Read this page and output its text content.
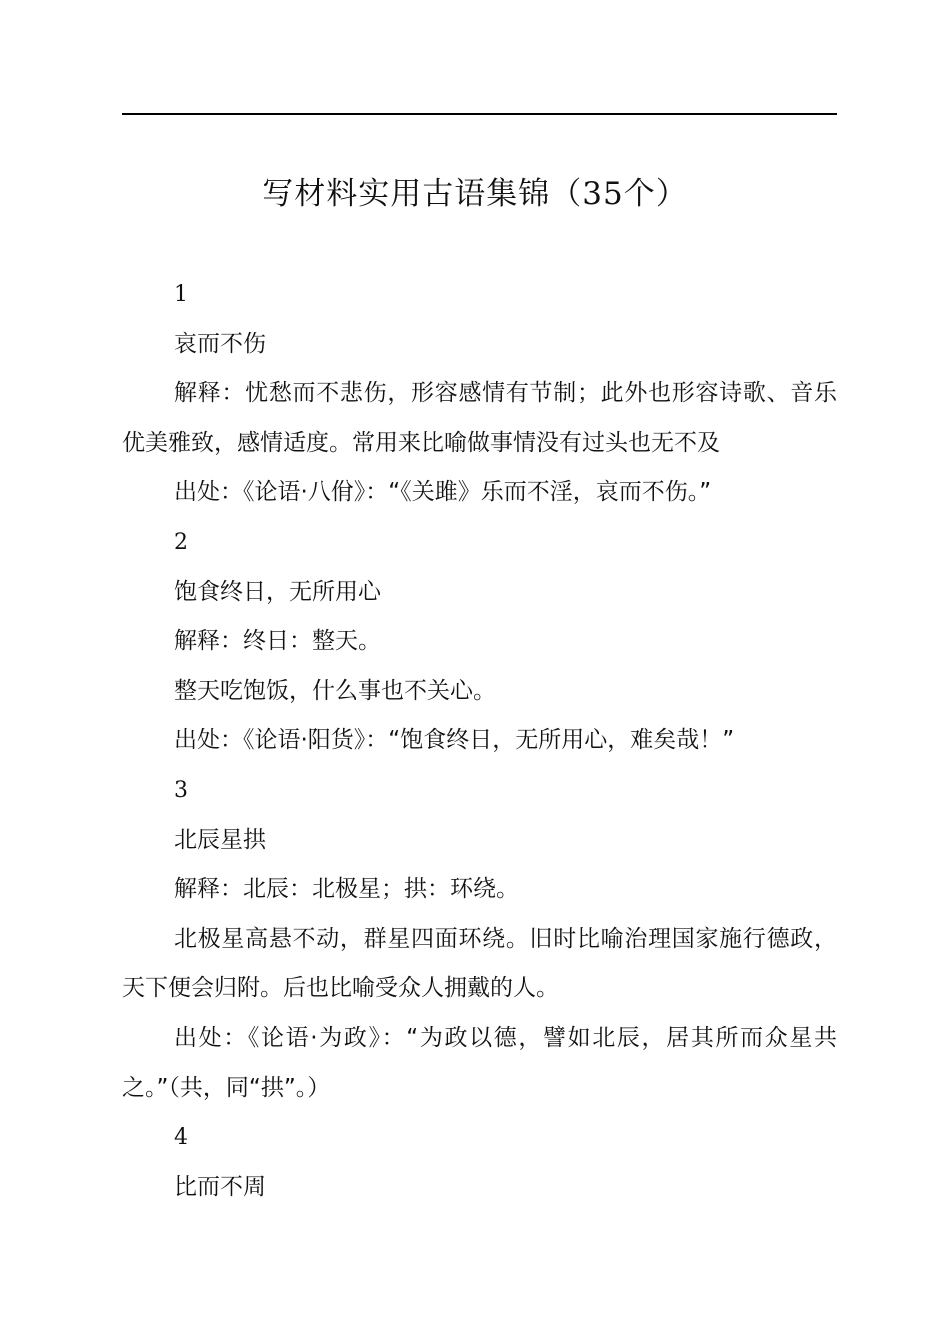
写材料实用古语集锦（35个）

1

哀而不伤

解释：忧愁而不悲伤，形容感情有节制；此外也形容诗歌、音乐优美雅致，感情适度。常用来比喻做事情没有过头也无不及

出处：《论语·八佾》：“《关雎》乐而不淫，哀而不伤。”

2

饱食终日，无所用心

解释：终日：整天。

整天吃饱饭，什么事也不关心。

出处：《论语·阳货》：“饱食终日，无所用心，难矣哉！”

3

北辰星拱

解释：北辰：北极星；拱：环绕。

北极星高悬不动，群星四面环绕。旧时比喻治理国家施行德政，天下便会归附。后也比喻受众人拥戴的人。

出处：《论语·为政》：“为政以德，譬如北辰，居其所而众星共之。”（共，同“拱”。）

4

比而不周
